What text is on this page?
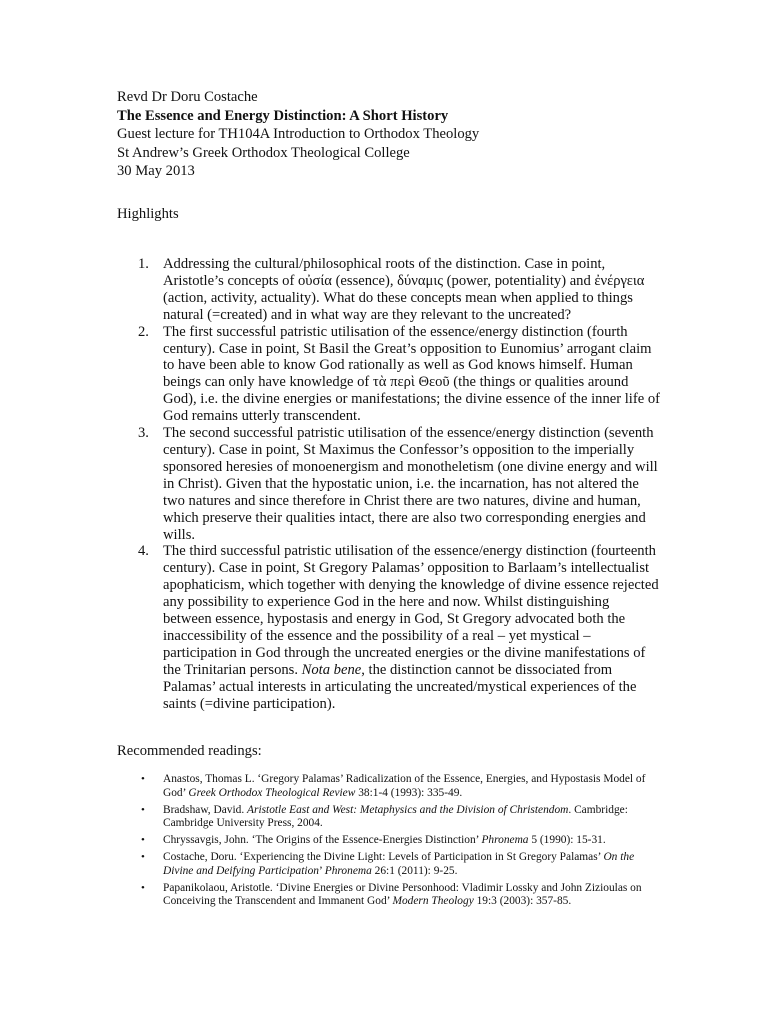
Revd Dr Doru Costache
The Essence and Energy Distinction: A Short History
Guest lecture for TH104A Introduction to Orthodox Theology
St Andrew’s Greek Orthodox Theological College
30 May 2013
Highlights
1. Addressing the cultural/philosophical roots of the distinction. Case in point, Aristotle’s concepts of οὐσία (essence), δύναμις (power, potentiality) and ἐνέργεια (action, activity, actuality). What do these concepts mean when applied to things natural (=created) and in what way are they relevant to the uncreated?
2. The first successful patristic utilisation of the essence/energy distinction (fourth century). Case in point, St Basil the Great’s opposition to Eunomius’ arrogant claim to have been able to know God rationally as well as God knows himself. Human beings can only have knowledge of τὰ περὶ Θεοῦ (the things or qualities around God), i.e. the divine energies or manifestations; the divine essence of the inner life of God remains utterly transcendent.
3. The second successful patristic utilisation of the essence/energy distinction (seventh century). Case in point, St Maximus the Confessor’s opposition to the imperially sponsored heresies of monoenergism and monotheletism (one divine energy and will in Christ). Given that the hypostatic union, i.e. the incarnation, has not altered the two natures and since therefore in Christ there are two natures, divine and human, which preserve their qualities intact, there are also two corresponding energies and wills.
4. The third successful patristic utilisation of the essence/energy distinction (fourteenth century). Case in point, St Gregory Palamas’ opposition to Barlaam’s intellectualist apophaticism, which together with denying the knowledge of divine essence rejected any possibility to experience God in the here and now. Whilst distinguishing between essence, hypostasis and energy in God, St Gregory advocated both the inaccessibility of the essence and the possibility of a real – yet mystical – participation in God through the uncreated energies or the divine manifestations of the Trinitarian persons. Nota bene, the distinction cannot be dissociated from Palamas’ actual interests in articulating the uncreated/mystical experiences of the saints (=divine participation).
Recommended readings:
• Anastos, Thomas L. ‘Gregory Palamas’ Radicalization of the Essence, Energies, and Hypostasis Model of God’ Greek Orthodox Theological Review 38:1-4 (1993): 335-49.
• Bradshaw, David. Aristotle East and West: Metaphysics and the Division of Christendom. Cambridge: Cambridge University Press, 2004.
• Chryssavgis, John. ‘The Origins of the Essence-Energies Distinction’ Phronema 5 (1990): 15-31.
• Costache, Doru. ‘Experiencing the Divine Light: Levels of Participation in St Gregory Palamas’ On the Divine and Deifying Participation’ Phronema 26:1 (2011): 9-25.
• Papanikolaou, Aristotle. ‘Divine Energies or Divine Personhood: Vladimir Lossky and John Zizioulas on Conceiving the Transcendent and Immanent God’ Modern Theology 19:3 (2003): 357-85.
